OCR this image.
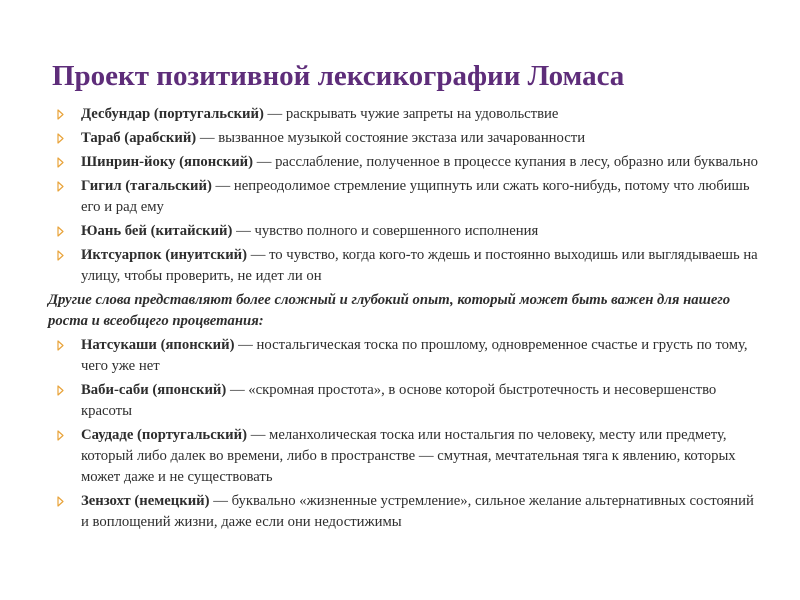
Проект позитивной лексикографии Ломаса
Десбундар (португальский) — раскрывать чужие запреты на удовольствие
Тараб (арабский) — вызванное музыкой состояние экстаза или зачарованности
Шинрин-йоку (японский) — расслабление, полученное в процессе купания в лесу, образно или буквально
Гигил (тагальский) — непреодолимое стремление ущипнуть или сжать кого-нибудь, потому что любишь его и рад ему
Юань бей (китайский) — чувство полного и совершенного исполнения
Иктсуарпок (инуитский) — то чувство, когда кого-то ждешь и постоянно выходишь или выглядываешь на улицу, чтобы проверить, не идет ли он

Другие слова представляют более сложный и глубокий опыт, который может быть важен для нашего роста и всеобщего процветания:

Натсукаши (японский) — ностальгическая тоска по прошлому, одновременное счастье и грусть по тому, чего уже нет
Ваби-саби (японский) — «скромная простота», в основе которой быстротечность и несовершенство красоты
Саудаде (португальский) — меланхолическая тоска или ностальгия по человеку, месту или предмету, который либо далек во времени, либо в пространстве — смутная, мечтательная тяга к явлению, которых может даже и не существовать
Зензохт (немецкий) — буквально «жизненные устремление», сильное желание альтернативных состояний и воплощений жизни, даже если они недостижимы
